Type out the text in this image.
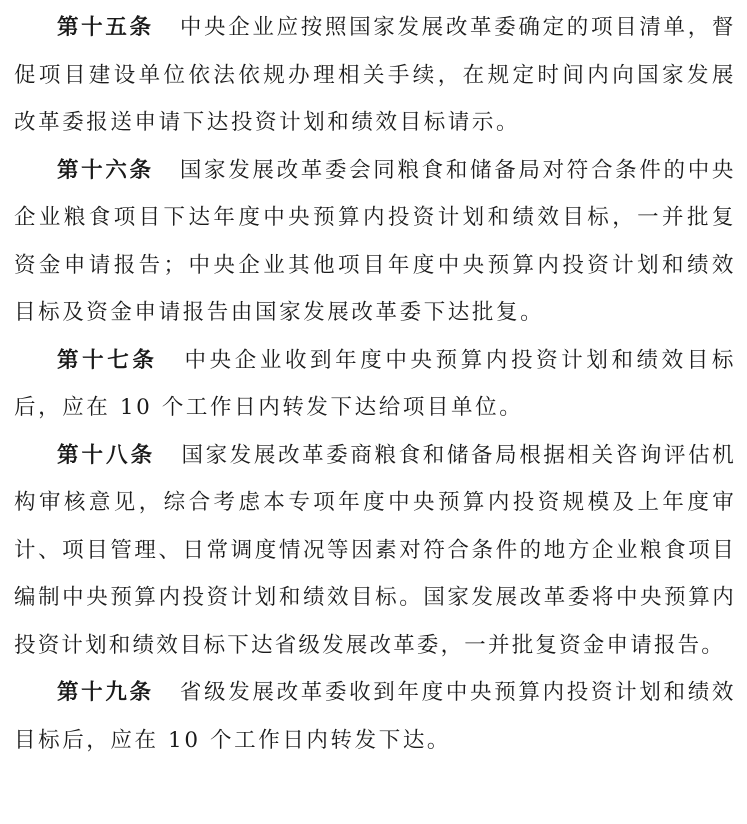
第十五条 中央企业应按照国家发展改革委确定的项目清单，督促项目建设单位依法依规办理相关手续，在规定时间内向国家发展改革委报送申请下达投资计划和绩效目标请示。

第十六条 国家发展改革委会同粮食和储备局对符合条件的中央企业粮食项目下达年度中央预算内投资计划和绩效目标，一并批复资金申请报告；中央企业其他项目年度中央预算内投资计划和绩效目标及资金申请报告由国家发展改革委下达批复。

第十七条 中央企业收到年度中央预算内投资计划和绩效目标后，应在 10 个工作日内转发下达给项目单位。

第十八条 国家发展改革委商粮食和储备局根据相关咨询评估机构审核意见，综合考虑本专项年度中央预算内投资规模及上年度审计、项目管理、日常调度情况等因素对符合条件的地方企业粮食项目编制中央预算内投资计划和绩效目标。国家发展改革委将中央预算内投资计划和绩效目标下达省级发展改革委，一并批复资金申请报告。

第十九条 省级发展改革委收到年度中央预算内投资计划和绩效目标后，应在 10 个工作日内转发下达。
